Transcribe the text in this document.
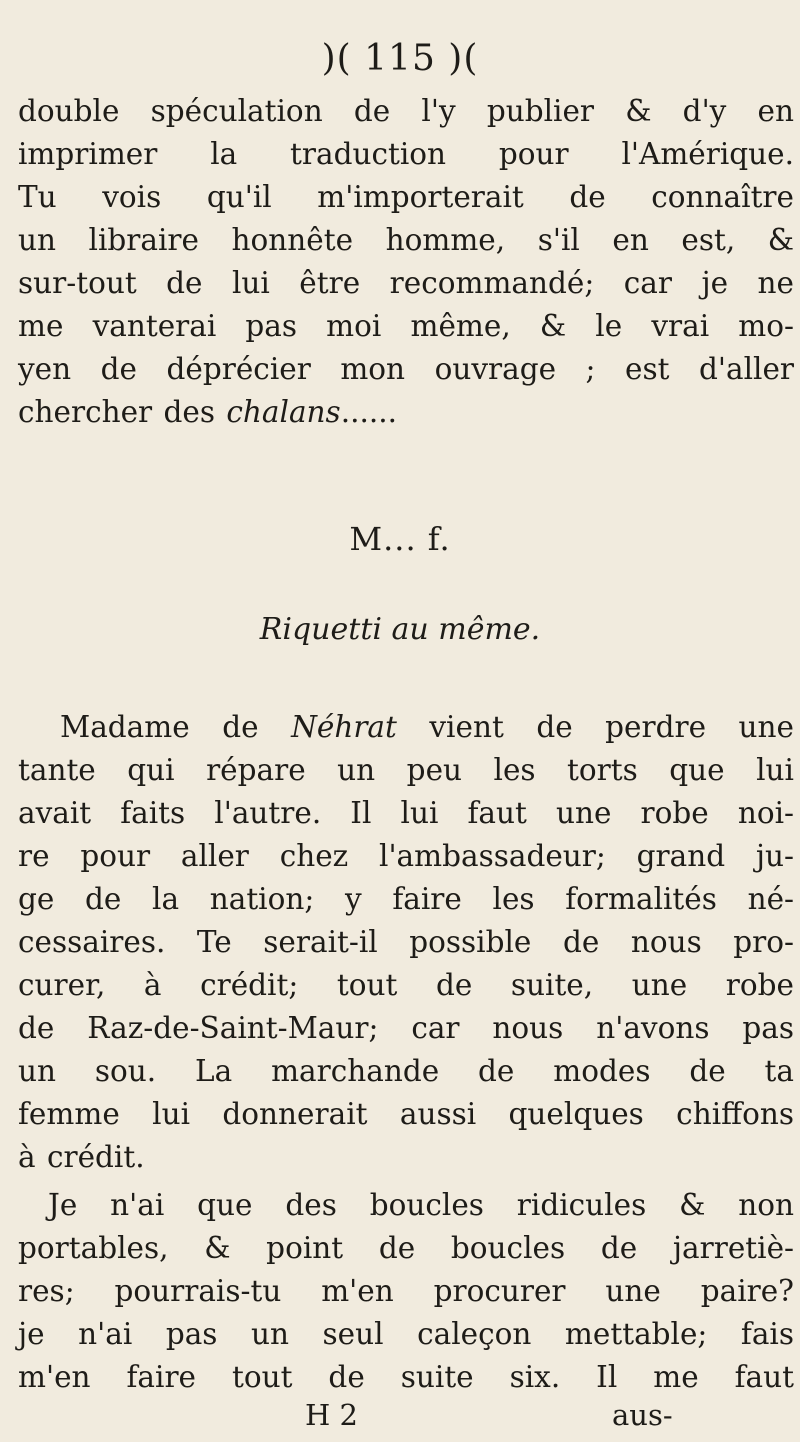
)( 115 )(
double spéculation de l'y publier & d'y en
imprimer la traduction pour l'Amérique.
Tu vois qu'il m'importerait de connaître
un libraire honnête homme, s'il en est, &
sur-tout de lui être recommandé; car je ne
me vanterai pas moi même, & le vrai mo-
yen de déprécier mon ouvrage ; est d'aller
chercher des chalans......
M... f.
Riquetti au même.
Madame de Néhrat vient de perdre une
tante qui répare un peu les torts que lui
avait faits l'autre. Il lui faut une robe noi-
re pour aller chez l'ambassadeur; grand ju-
ge de la nation; y faire les formalités né-
cessaires. Te serait-il possible de nous pro-
curer, à crédit; tout de suite, une robe
de Raz-de-Saint-Maur; car nous n'avons pas
un sou. La marchande de modes de ta
femme lui donnerait aussi quelques chiffons
à crédit.
Je n'ai que des boucles ridicules & non
portables, & point de boucles de jarretiè-
res; pourrais-tu m'en procurer une paire?
je n'ai pas un seul caleçon mettable; fais
m'en faire tout de suite six. Il me faut
H 2	aus-
